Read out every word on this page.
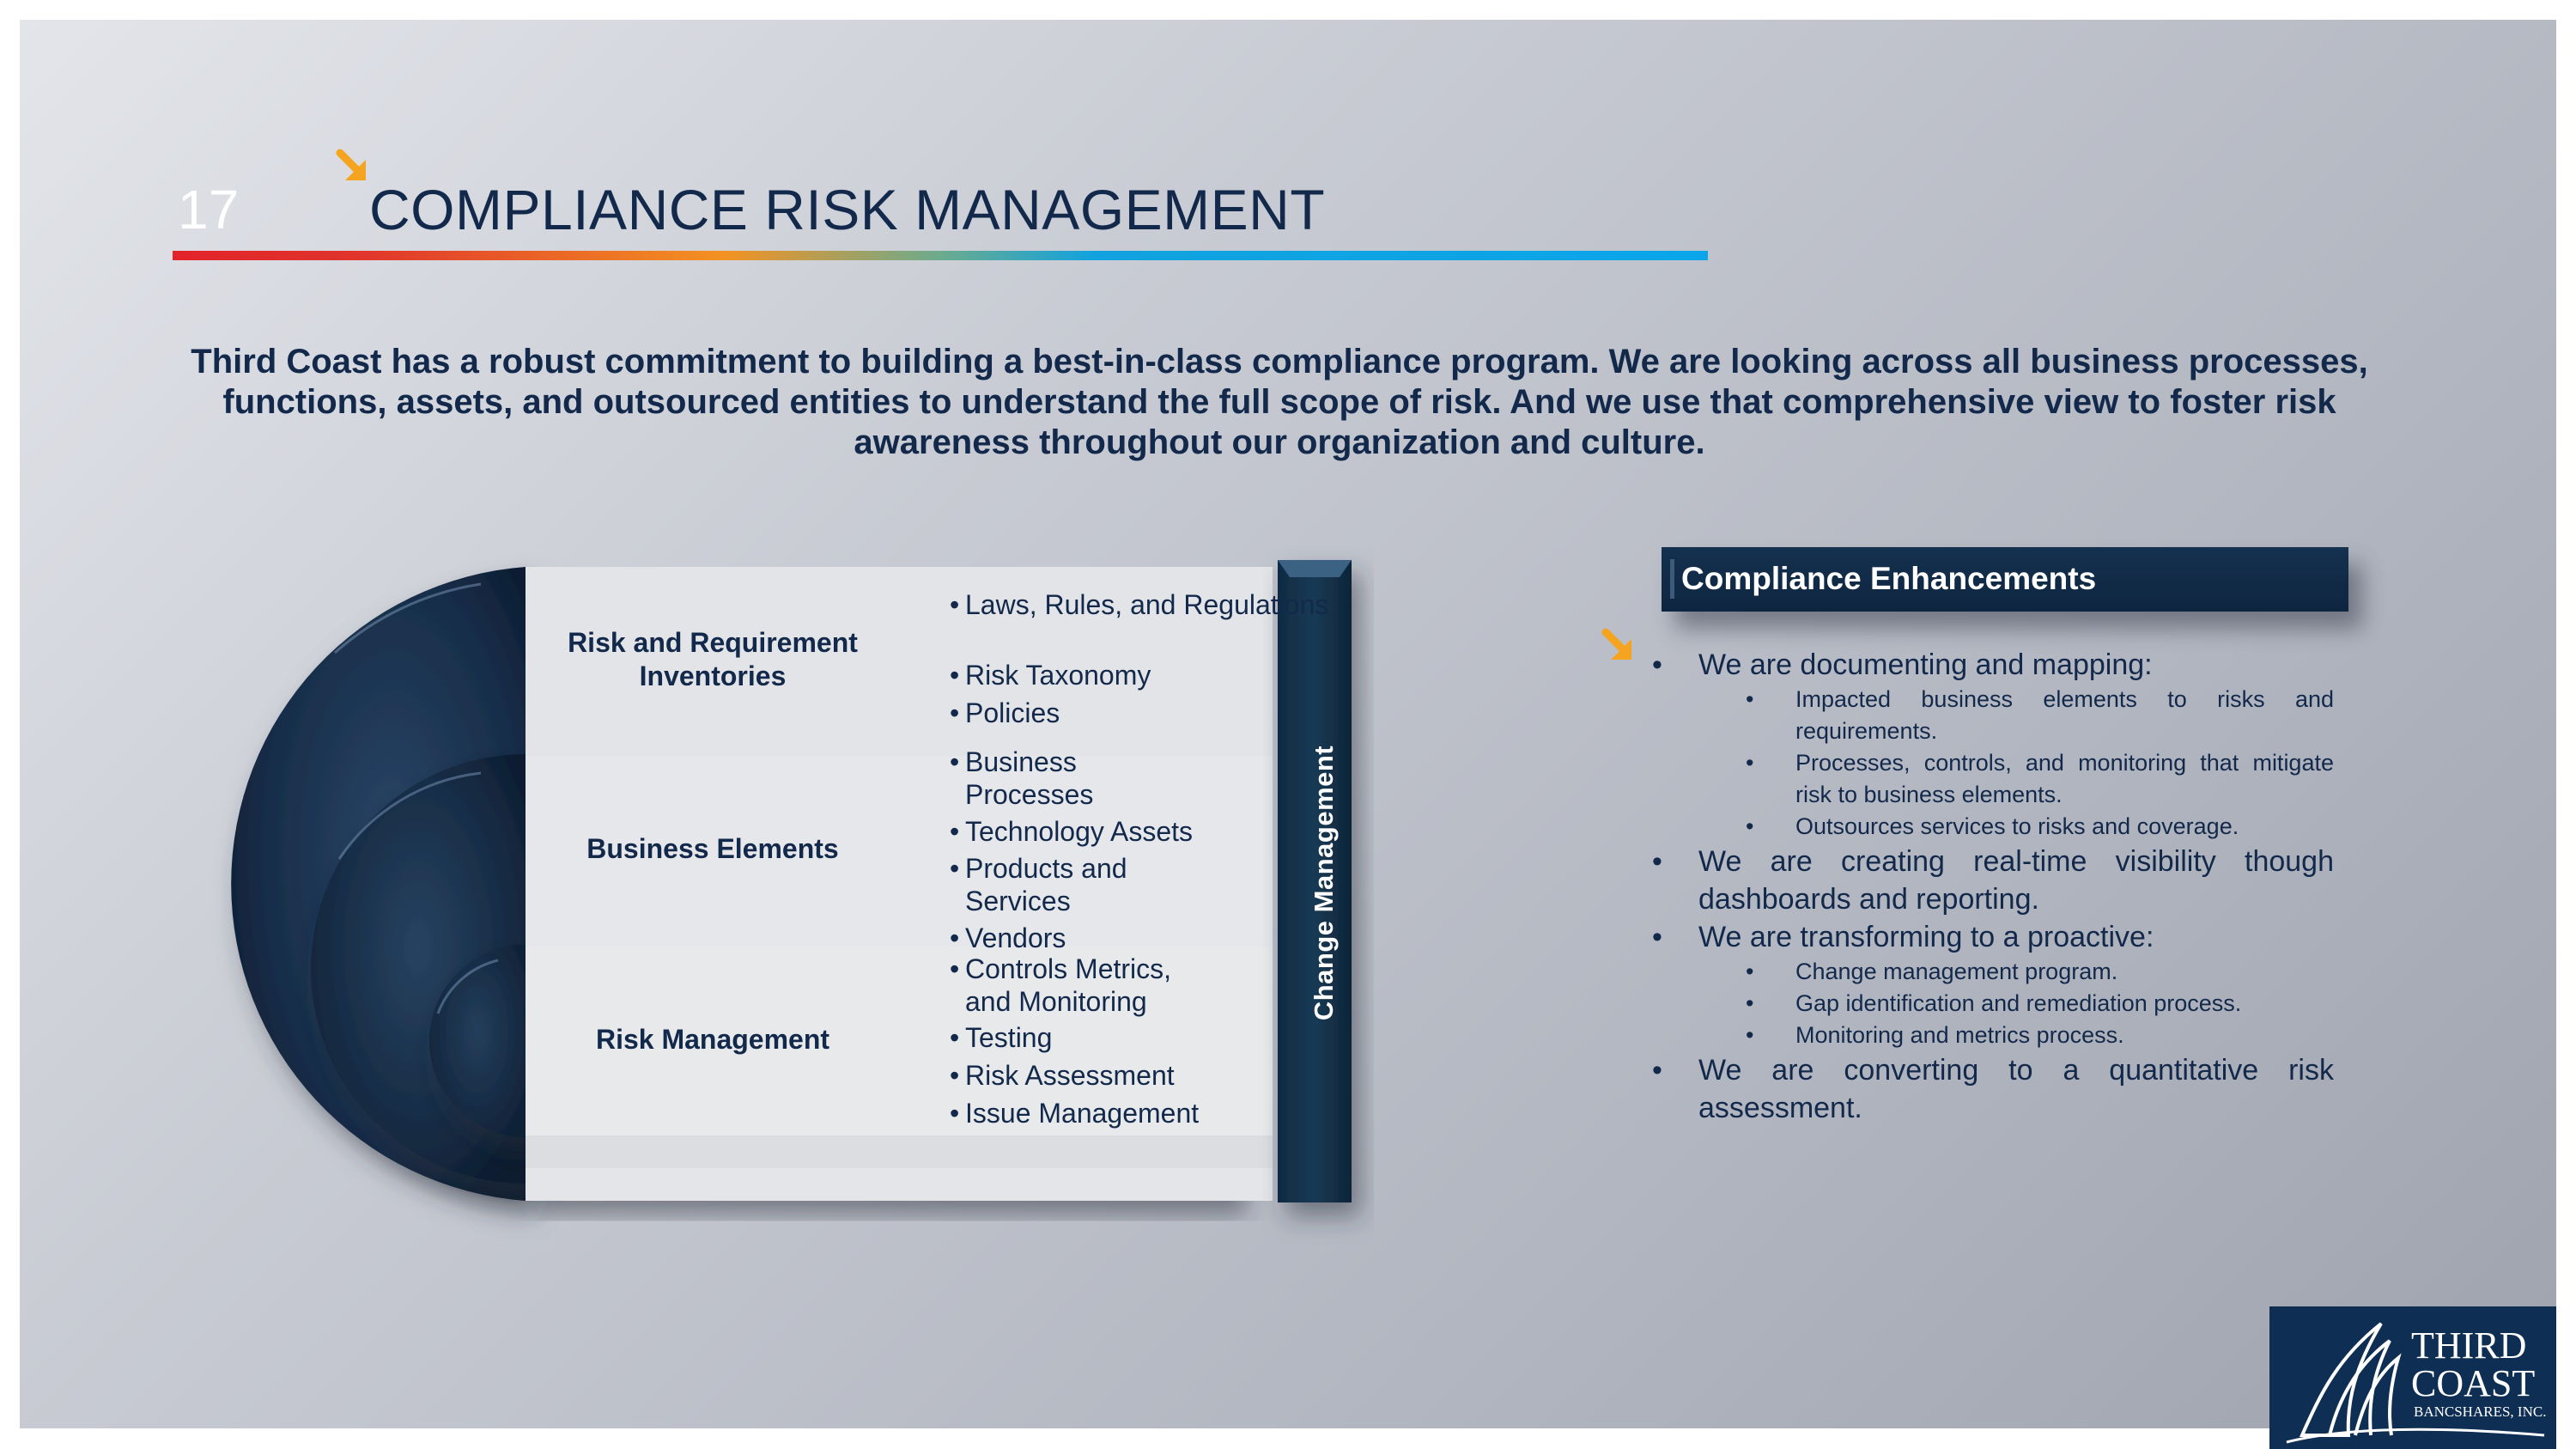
17 COMPLIANCE RISK MANAGEMENT
Third Coast has a robust commitment to building a best-in-class compliance program. We are looking across all business processes, functions, assets, and outsourced entities to understand the full scope of risk. And we use that comprehensive view to foster risk awareness throughout our organization and culture.
Risk and Requirement Inventories
Business Elements
Risk Management
• Laws, Rules, and Regulations
• Risk Taxonomy
• Policies
• Business Processes
• Technology Assets
• Products and Services
• Vendors
• Controls Metrics, and Monitoring
• Testing
• Risk Assessment
• Issue Management
Change Management
Compliance Enhancements
• We are documenting and mapping:
• Impacted business elements to risks and requirements.
• Processes, controls, and monitoring that mitigate risk to business elements.
• Outsources services to risks and coverage.
• We are creating real-time visibility though dashboards and reporting.
• We are transforming to a proactive:
• Change management program.
• Gap identification and remediation process.
• Monitoring and metrics process.
• We are converting to a quantitative risk assessment.
THIRD
COAST
BANCSHARES, INC.
